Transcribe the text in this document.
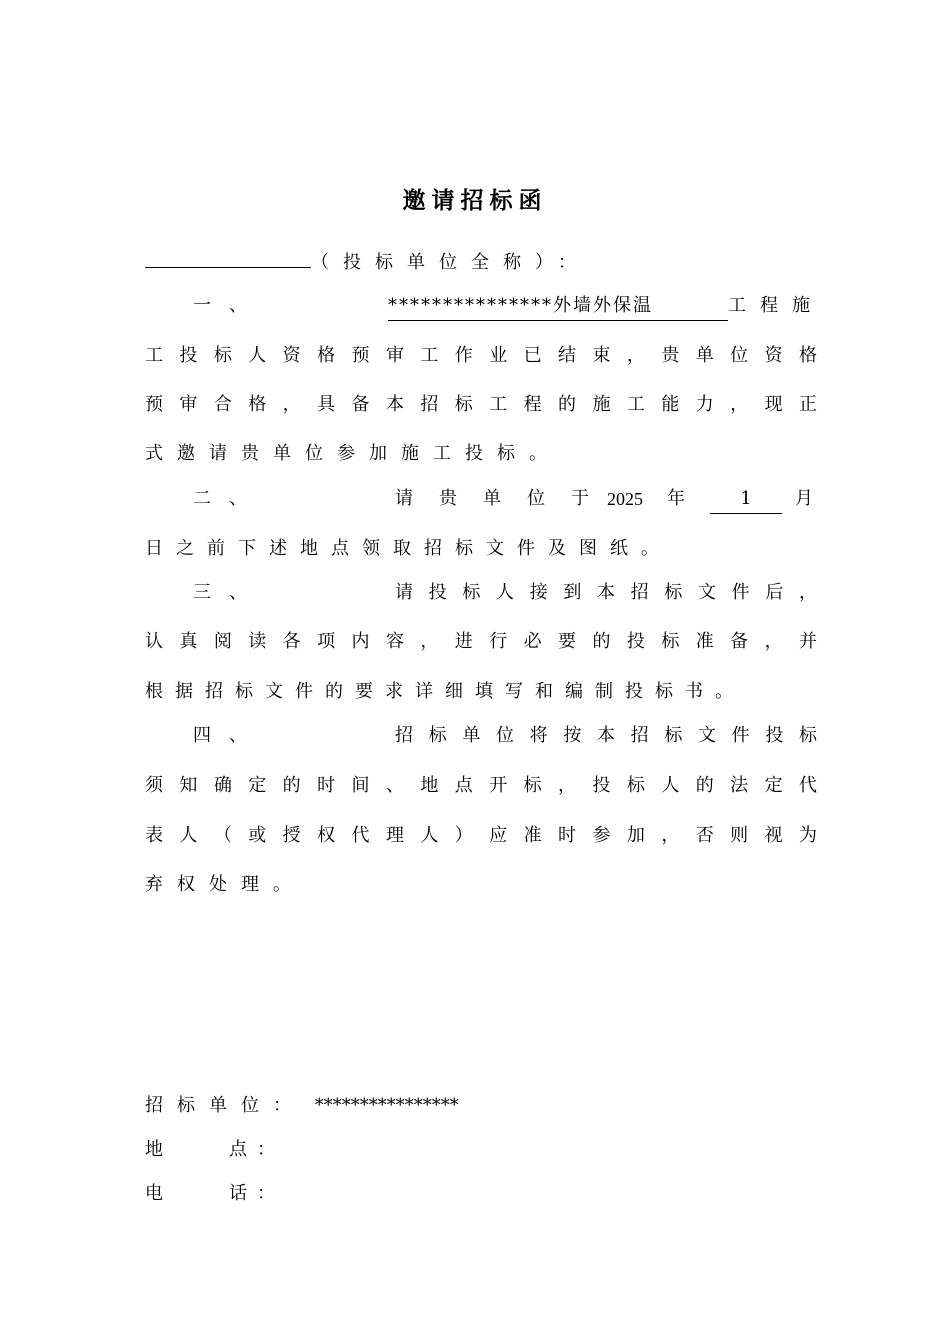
邀请招标函
（投标单位全称）：
一、	***************外墙外保温	工程施
工投标人资格预审工作业已结束，贵单位资格
预审合格，具备本招标工程的施工能力，现正
式邀请贵单位参加施工投标。
二、	请贵单位于
2025 年	1	月
日之前下述地点领取招标文件及图纸。
三、	请投标人接到本招标文件后，
认真阅读各项内容，进行必要的投标准备，并
根据招标文件的要求详细填写和编制投标书。
四、	招标单位将按本招标文件投标
须知确定的时间、地点开标，投标人的法定代
表人（或授权代理人）应准时参加，否则视为
弃权处理。
招标单位： ****************
地　　点：
电　　话：
